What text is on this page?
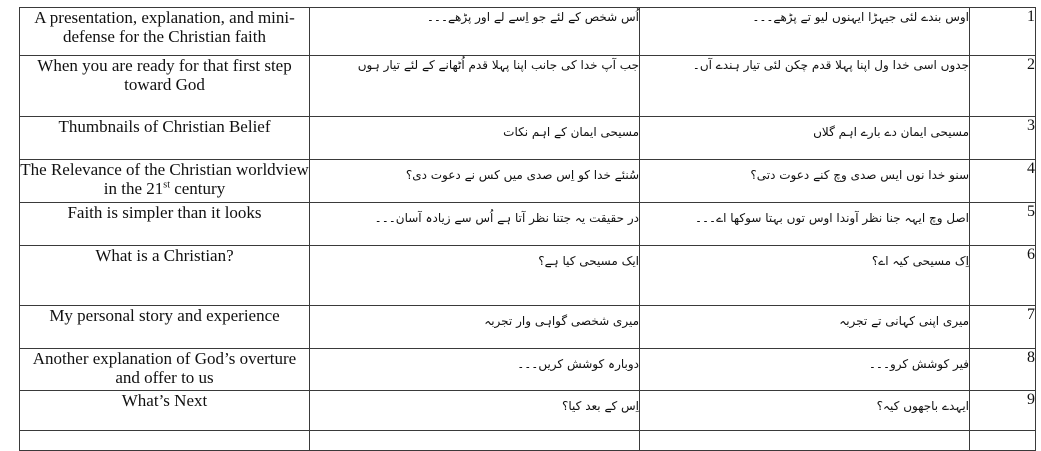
A presentation, explanation, and mini-defense for the Christian faith	اُس شخص کے لئے جو اِسے لے اور پڑھے۔۔۔	اوس بندے لئی جیہڑا ایہنوں لیو تے پڑھے۔۔۔	1
When you are ready for that first step toward God	جب آپ خدا کی جانب اپنا پہلا قدم اُٹھانے کے لئے تیار ہوں	جدوں اسی خدا ول اپنا پہلا قدم چکن لئی تیار ہندے آں۔	2
Thumbnails of Christian Belief	مسیحی ایمان کے اہم نکات	مسیحی ایمان دے بارے اہم گلاں	3
The Relevance of the Christian worldview in the 21st century	سُنئے خدا کو اِس صدی میں کس نے دعوت دی؟	سنو خدا نوں ایس صدی وچ کنے دعوت دتی؟	4
Faith is simpler than it looks	در حقیقت یہ جتنا نظر آتا ہے اُس سے زیادہ آسان۔۔۔	اصل وچ ایہہ جنا نظر آوندا اوس توں بہتا سوکھا اے۔۔۔	5
What is a Christian?	ایک مسیحی کیا ہے؟	اِک مسیحی کیہ اے؟	6
My personal story and experience	میری شخصی گواہی وار تجربہ	میری اپنی کہانی تے تجربہ	7
Another explanation of God’s overture and offer to us	دوبارہ کوشش کریں۔۔۔	فیر کوشش کرو۔۔۔	8
What’s Next	اِس کے بعد کیا؟	ایہدے باجھوں کیہ؟	9
